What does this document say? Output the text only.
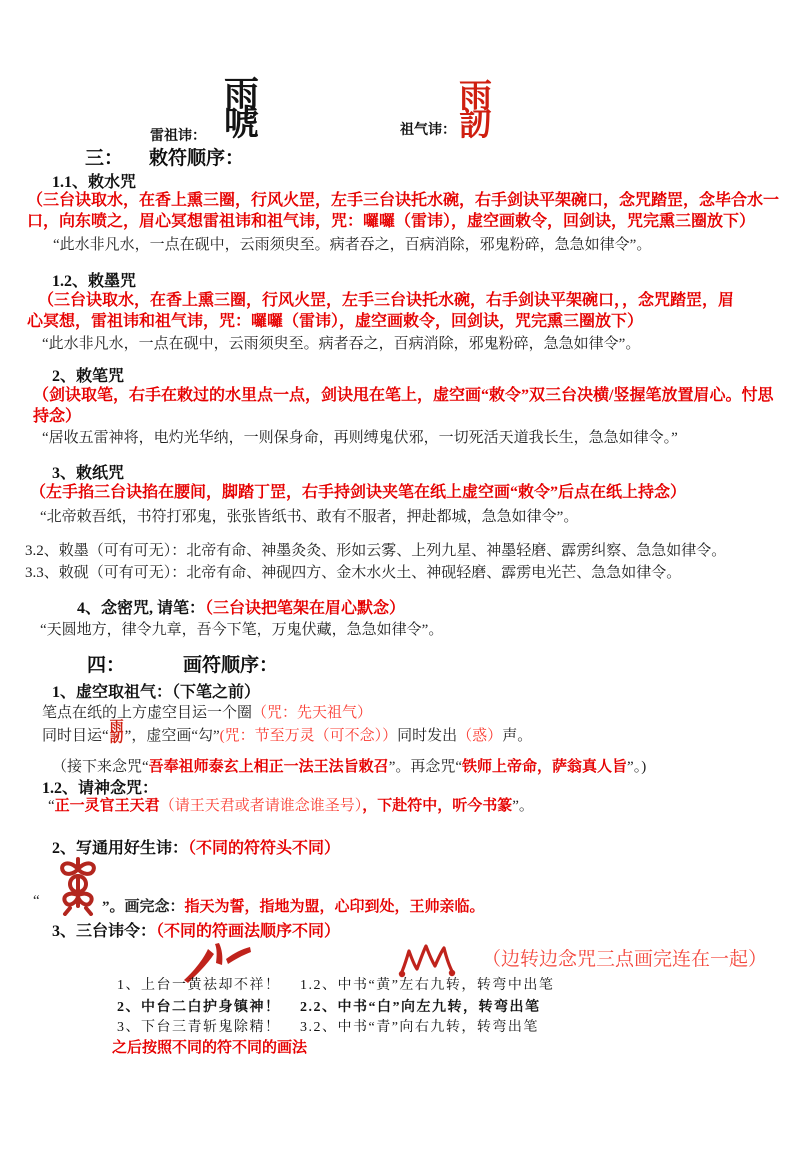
雷祖讳：
雨
唬	祖气讳：
雨
訒
三： 敕符顺序：
1.1、敕水咒
（三台诀取水，在香上熏三圈，行风火罡，左手三台诀托水碗，右手剑诀平架碗口，念咒踏罡，念毕合水一口，向东喷之，眉心冥想雷祖讳和祖气讳，咒：囉囉（雷讳），虚空画敕令，回剑诀，咒完熏三圈放下）
“此水非凡水，一点在砚中，云雨须臾至。病者吞之，百病消除，邪鬼粉碎，急急如律令”。
1.2、敕墨咒
（三台诀取水，在香上熏三圈，行风火罡，左手三台诀托水碗，右手剑诀平架碗口，，念咒踏罡，眉心冥想，雷祖讳和祖气讳，咒：囉囉（雷讳），虚空画敕令，回剑诀，咒完熏三圈放下）
“此水非凡水，一点在砚中，云雨须臾至。病者吞之，百病消除，邪鬼粉碎，急急如律令”。
2、敕笔咒
（剑诀取笔，右手在敕过的水里点一点，剑诀甩在笔上，虚空画“敕令”双三台决横/竖握笔放置眉心。忖思持念）
“居收五雷神将，电灼光华纳，一则保身命，再则缚鬼伏邪，一切死活天道我长生，急急如律令。”
3、敕纸咒
（左手掐三台诀掐在腰间，脚踏丁罡，右手持剑诀夹笔在纸上虚空画“敕令”后点在纸上持念）
“北帝敕吾纸，书符打邪鬼，张张皆纸书、敢有不服者，押赴都城，急急如律令”。
3.2、敕墨（可有可无）：北帝有命、神墨灸灸、形如云雾、上列九星、神墨轻磨、霹雳纠察、急急如律令。
3.3、敕砚（可有可无）：北帝有命、神砚四方、金木水火土、神砚轻磨、霹雳电光芒、急急如律令。
4、念密咒, 请笔：（三台诀把笔架在眉心默念）
“天圆地方，律令九章，吾今下笔，万鬼伏藏，急急如律令”。
四：	画符顺序：
1、虚空取祖气：（下笔之前）
笔点在纸的上方虚空目运一个圈（咒：先天祖气）
同时目运“
雨
訒 ”，虚空画“勾” (咒：节至万灵（可不念）） 同时发出 （惑） 声。
（接下来念咒“吾奉祖师泰玄上相正一法王法旨敕召”。再念咒“铁师上帝命，萨翁真人旨”。)
1.2、请神念咒：
“正一灵官王天君（请王天君或者请谁念谁圣号），下赴符中，听今书篆”。
2、写通用好生讳：（不同的符符头不同）
“	”。画完念：指天为誓，指地为盟，心印到处，王帅亲临。
3、三台讳令：（不同的符画法顺序不同）
（边转边念咒三点画完连在一起）
1、上台一黄祛却不祥！ 1.2、中书“黄”左右九转，转弯中出笔
2、中台二白护身镇神！ 2.2、中书“白”向左九转，转弯出笔
3、下台三青斩鬼除精！ 3.2、中书“青”向右九转，转弯出笔
之后按照不同的符不同的画法
